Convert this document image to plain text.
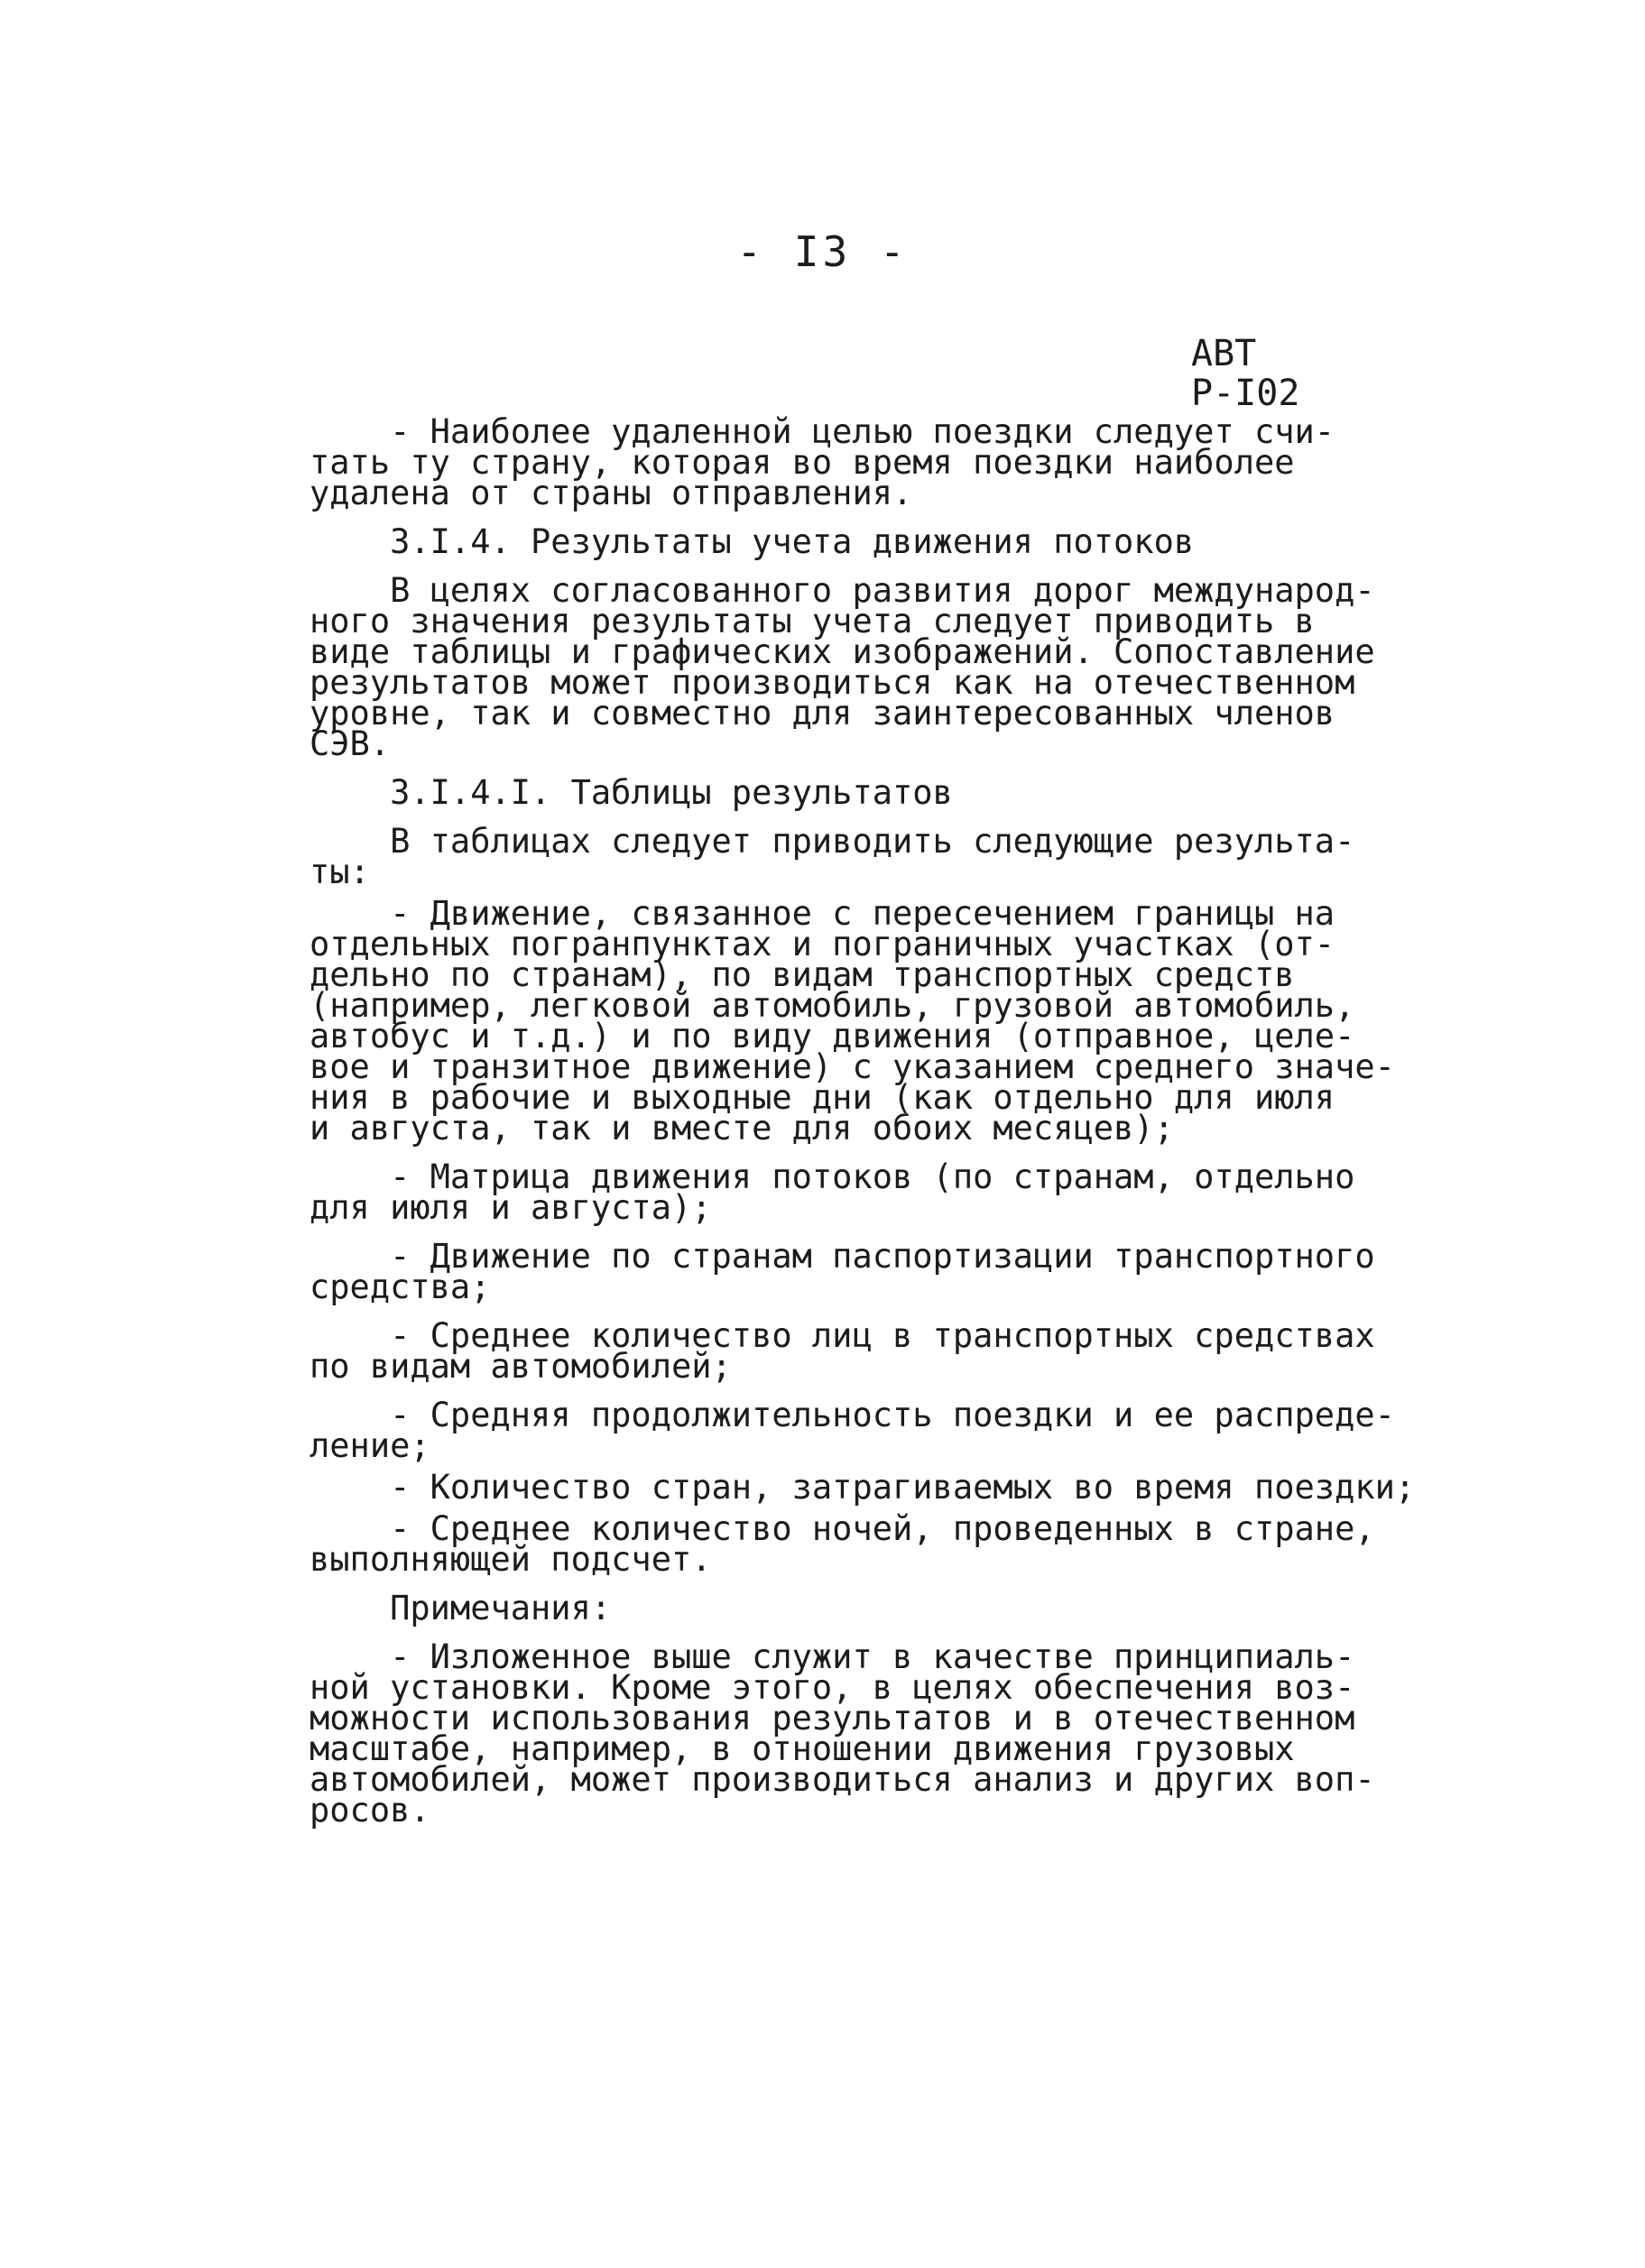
- I3 -
АВТ
Р-I02
- Наиболее удаленной целью поездки следует счи-
тать ту страну, которая во время поездки наиболее
удалена от страны отправления.
3.I.4. Результаты учета движения потоков
В целях согласованного развития дорог междунарoд-
ного значения результаты учета следует приводить в
виде таблицы и графических изображений. Сопоставление
результатов может производиться как на отечественном
уровне, так и совместно для заинтересованных членов
СЭВ.
3.I.4.I. Таблицы результатов
В таблицах следует приводить следующие результа-
ты:
- Движение, связанное с пересечением границы на
отдельных погранпунктах и пограничных участках (от-
дельно по странам), по видам транспортных средств
(например, легковой автомобиль, грузовой автомобиль,
автобус и т.д.) и по виду движения (отправное, целе-
вое и транзитное движение) с указанием среднего значе-
ния в рабочие и выходные дни (как отдельно для июля
и августа, так и вместе для обоих месяцев);
- Матрица движения потоков (по странам, отдельно
для июля и августа);
- Движение по странам паспортизации транспортного
средства;
- Среднее количество лиц в транспортных средствах
по видам автомобилей;
- Средняя продолжительность поездки и ее распреде-
ление;
- Количество стран, затрагиваемых во время поездки;
- Среднее количество ночей, проведенных в стране,
выполняющей подсчет.
Примечания:
- Изложенное выше служит в качестве принципиаль-
ной установки. Кроме этого, в целях обеспечения воз-
можности использования результатов и в отечественном
масштабе, например, в отношении движения грузовых
автомобилей, может производиться анализ и других воп-
росов.
